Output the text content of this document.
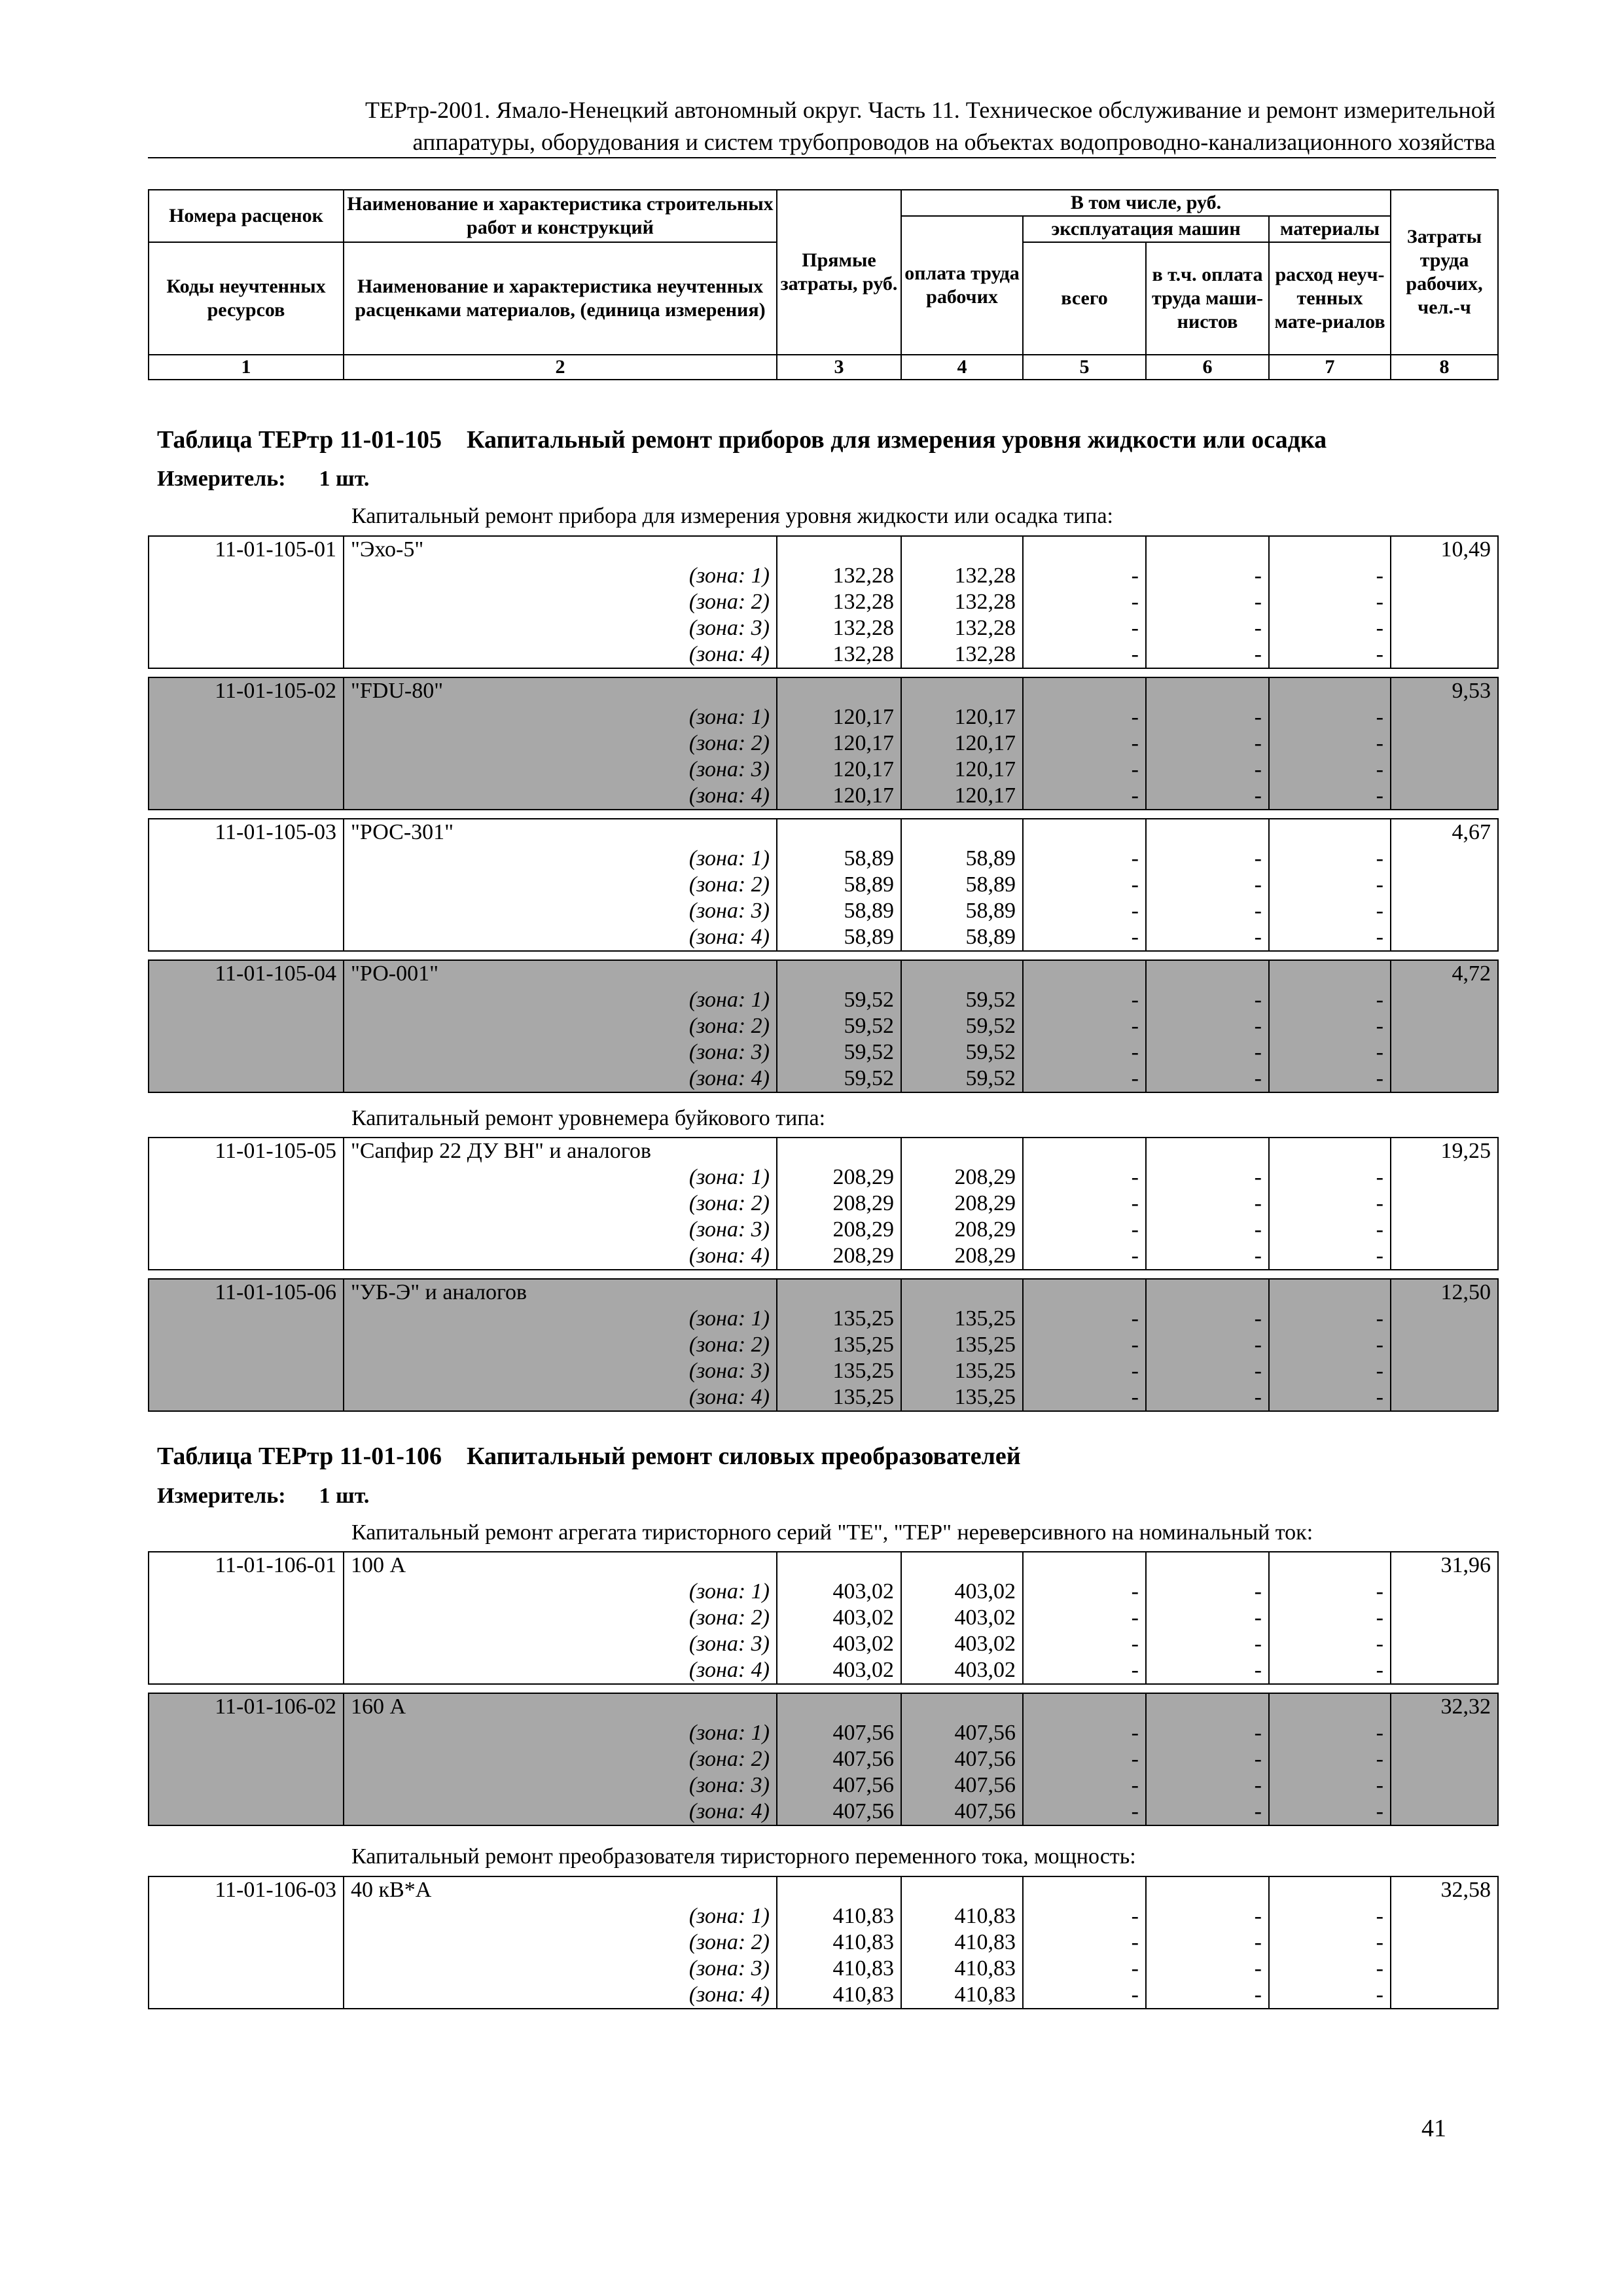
ТЕРтр-2001. Ямало-Ненецкий автономный округ. Часть 11. Техническое обслуживание и ремонт измерительной
аппаратуры, оборудования и систем трубопроводов на объектах водопроводно-канализационного хозяйства
Номера расценок	Наименование и характеристика строительных работ и конструкций	Прямые затраты, руб.	В том числе, руб.				Затраты труда рабочих, чел.-ч
			оплата труда рабочих	эксплуатация машин		материалы	
Коды неучтенных ресурсов	Наименование и характеристика неучтенных расценками материалов, (единица измерения)			всего	в т.ч. оплата труда маши-нистов	расход неуч-тенных мате-риалов	

1	2	3	4	5	6	7	8
Таблица ТЕРтр 11-01-105    Капитальный ремонт приборов для измерения уровня жидкости или осадка
Измеритель:      1 шт.
Капитальный ремонт прибора для измерения уровня жидкости или осадка типа:
11-01-105-01	"Эхо-5"						10,49
	(зона: 1)	132,28	132,28	-	-	-	
	(зона: 2)	132,28	132,28	-	-	-	
	(зона: 3)	132,28	132,28	-	-	-	
	(зона: 4)	132,28	132,28	-	-	-	
11-01-105-02	"FDU-80"						9,53
	(зона: 1)	120,17	120,17	-	-	-	
	(зона: 2)	120,17	120,17	-	-	-	
	(зона: 3)	120,17	120,17	-	-	-	
	(зона: 4)	120,17	120,17	-	-	-	
11-01-105-03	"РОС-301"						4,67
	(зона: 1)	58,89	58,89	-	-	-	
	(зона: 2)	58,89	58,89	-	-	-	
	(зона: 3)	58,89	58,89	-	-	-	
	(зона: 4)	58,89	58,89	-	-	-	
11-01-105-04	"РО-001"						4,72
	(зона: 1)	59,52	59,52	-	-	-	
	(зона: 2)	59,52	59,52	-	-	-	
	(зона: 3)	59,52	59,52	-	-	-	
	(зона: 4)	59,52	59,52	-	-	-	
Капитальный ремонт уровнемера буйкового типа:
11-01-105-05	"Сапфир 22 ДУ ВН" и аналогов						19,25
	(зона: 1)	208,29	208,29	-	-	-	
	(зона: 2)	208,29	208,29	-	-	-	
	(зона: 3)	208,29	208,29	-	-	-	
	(зона: 4)	208,29	208,29	-	-	-	
11-01-105-06	"УБ-Э" и аналогов						12,50
	(зона: 1)	135,25	135,25	-	-	-	
	(зона: 2)	135,25	135,25	-	-	-	
	(зона: 3)	135,25	135,25	-	-	-	
	(зона: 4)	135,25	135,25	-	-	-	
Таблица ТЕРтр 11-01-106    Капитальный ремонт силовых преобразователей
Измеритель:      1 шт.
Капитальный ремонт агрегата тиристорного серий "ТЕ", "ТЕР" нереверсивного на номинальный ток:
11-01-106-01	100 А						31,96
	(зона: 1)	403,02	403,02	-	-	-	
	(зона: 2)	403,02	403,02	-	-	-	
	(зона: 3)	403,02	403,02	-	-	-	
	(зона: 4)	403,02	403,02	-	-	-	
11-01-106-02	160 А						32,32
	(зона: 1)	407,56	407,56	-	-	-	
	(зона: 2)	407,56	407,56	-	-	-	
	(зона: 3)	407,56	407,56	-	-	-	
	(зона: 4)	407,56	407,56	-	-	-	
Капитальный ремонт преобразователя тиристорного переменного тока, мощность:
11-01-106-03	40 кВ*А						32,58
	(зона: 1)	410,83	410,83	-	-	-	
	(зона: 2)	410,83	410,83	-	-	-	
	(зона: 3)	410,83	410,83	-	-	-	
	(зона: 4)	410,83	410,83	-	-	-	
41
